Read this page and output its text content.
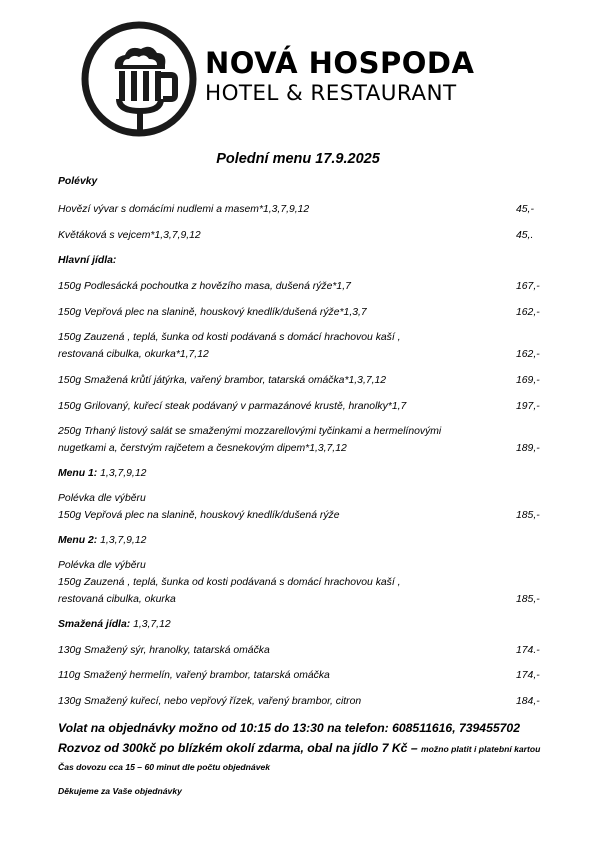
NOVÁ HOSPODA
HOTEL & RESTAURANT
Polední menu 17.9.2025
Polévky
Hovězí vývar s domácími nudlemi a masem*1,3,7,9,12	45,-
Květáková s vejcem*1,3,7,9,12	45,.
Hlavní jídla:
150g Podlesácká pochoutka z hovězího masa, dušená rýže*1,7	167,-
150g Vepřová plec na slanině, houskový knedlík/dušená rýže*1,3,7	162,-
150g Zauzená , teplá, šunka od kosti podávaná s domácí hrachovou kaší ,
restovaná cibulka, okurka*1,7,12	162,-
150g Smažená krůtí játýrka, vařený brambor, tatarská omáčka*1,3,7,12	169,-
150g Grilovaný, kuřecí steak podávaný v parmazánové krustě, hranolky*1,7	197,-
250g Trhaný listový salát se smaženými mozzarellovými tyčinkami a hermelínovými
nugetkami a, čerstvým rajčetem a česnekovým dipem*1,3,7,12	189,-
Menu 1: 1,3,7,9,12
Polévka dle výběru
150g Vepřová plec na slanině, houskový knedlík/dušená rýže	185,-
Menu 2: 1,3,7,9,12
Polévka dle výběru
150g Zauzená , teplá, šunka od kosti podávaná s domácí hrachovou kaší ,
restovaná cibulka, okurka	185,-
Smažená jídla: 1,3,7,12
130g Smažený sýr, hranolky, tatarská omáčka	174.-
110g Smažený hermelín, vařený brambor, tatarská omáčka	174,-
130g Smažený kuřecí, nebo vepřový řízek, vařený brambor, citron	184,-
Volat na objednávky možno od 10:15 do 13:30 na telefon: 608511616, 739455702
Rozvoz od 300kč po blízkém okolí zdarma, obal na jídlo 7 Kč – možno platit i platební kartou
Čas dovozu cca 15 – 60 minut dle počtu objednávek
Děkujeme za Vaše objednávky
